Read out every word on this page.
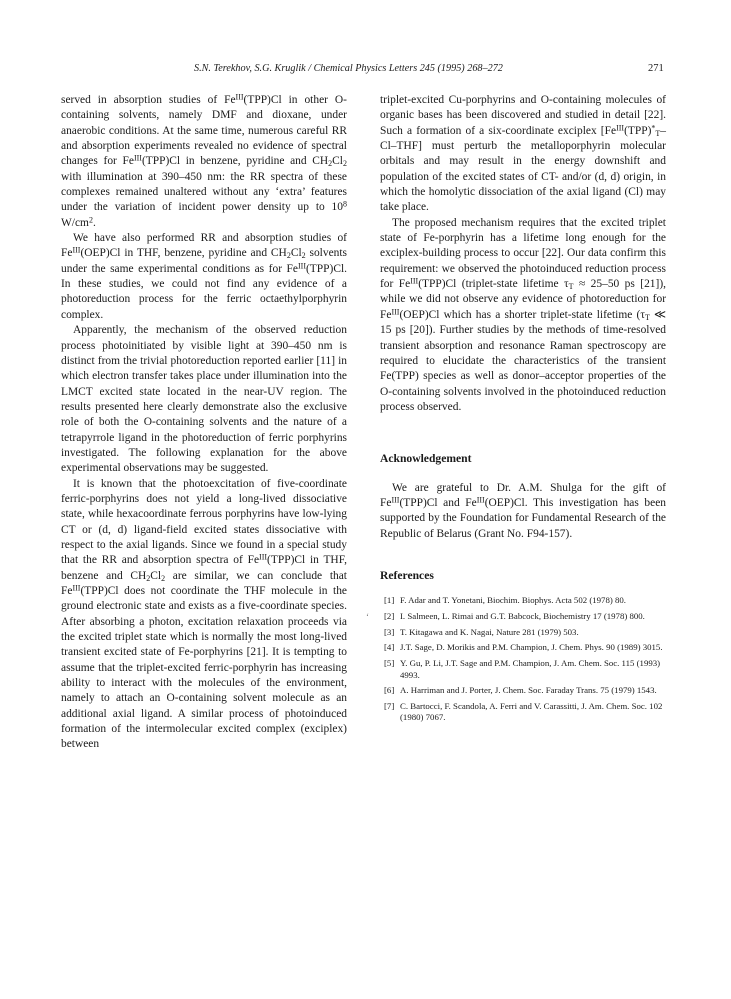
S.N. Terekhov, S.G. Kruglik / Chemical Physics Letters 245 (1995) 268–272	271

served in absorption studies of $Fe^{III}(TPP)Cl$ in other O-containing solvents, namely DMF and dioxane, under anaerobic conditions. At the same time, numerous careful RR and absorption experiments revealed no evidence of spectral changes for $Fe^{III}(TPP)Cl$ in benzene, pyridine and $CH_2Cl_2$ with illumination at 390–450 nm: the RR spectra of these complexes remained unaltered without any ‘extra’ features under the variation of incident power density up to $10^8$ $W/cm^2$.

We have also performed RR and absorption studies of $Fe^{III}(OEP)Cl$ in THF, benzene, pyridine and $CH_2Cl_2$ solvents under the same experimental conditions as for $Fe^{III}(TPP)Cl$. In these studies, we could not find any evidence of a photoreduction process for the ferric octaethylporphyrin complex.

Apparently, the mechanism of the observed reduction process photoinitiated by visible light at 390–450 nm is distinct from the trivial photoreduction reported earlier [11] in which electron transfer takes place under illumination into the LMCT excited state located in the near-UV region. The results presented here clearly demonstrate also the exclusive role of both the O-containing solvents and the nature of a tetrapyrrole ligand in the photoreduction of ferric porphyrins investigated. The following explanation for the above experimental observations may be suggested.

It is known that the photoexcitation of five-coordinate ferric-porphyrins does not yield a long-lived dissociative state, while hexacoordinate ferrous porphyrins have low-lying CT or (d, d) ligand-field excited states dissociative with respect to the axial ligands. Since we found in a special study that the RR and absorption spectra of $Fe^{III}(TPP)Cl$ in THF, benzene and $CH_2Cl_2$ are similar, we can conclude that $Fe^{III}(TPP)Cl$ does not coordinate the THF molecule in the ground electronic state and exists as a five-coordinate species. After absorbing a photon, excitation relaxation proceeds via the excited triplet state which is normally the most long-lived transient excited state of Fe-porphyrins [21]. It is tempting to assume that the triplet-excited ferric-porphyrin has increasing ability to interact with the molecules of the environment, namely to attach an O-containing solvent molecule as an additional axial ligand. A similar process of photoinduced formation of the intermolecular excited complex (exciplex) between

‘

triplet-excited Cu-porphyrins and O-containing molecules of organic bases has been discovered and studied in detail [22]. Such a formation of a six-coordinate exciplex $[Fe^{III}(TPP)^*_T-Cl-THF]$ must perturb the metalloporphyrin molecular orbitals and may result in the energy downshift and population of the excited states of CT- and/or (d, d) origin, in which the homolytic dissociation of the axial ligand (Cl) may take place.

The proposed mechanism requires that the excited triplet state of Fe-porphyrin has a lifetime long enough for the exciplex-building process to occur [22]. Our data confirm this requirement: we observed the photoinduced reduction process for $Fe^{III}(TPP)Cl$ (triplet-state lifetime $\tau_T \approx 25-50$ ps [21]), while we did not observe any evidence of photoreduction for $Fe^{III}(OEP)Cl$ which has a shorter triplet-state lifetime ($\tau_T$ ≪ 15 ps [20]). Further studies by the methods of time-resolved transient absorption and resonance Raman spectroscopy are required to elucidate the characteristics of the transient Fe(TPP) species as well as donor–acceptor properties of the O-containing solvents involved in the photoinduced reduction process observed.

Acknowledgement

We are grateful to Dr. A.M. Shulga for the gift of $Fe^{III}(TPP)Cl$ and $Fe^{III}(OEP)Cl$. This investigation has been supported by the Foundation for Fundamental Research of the Republic of Belarus (Grant No. F94-157).

References
[1] F. Adar and T. Yonetani, Biochim. Biophys. Acta 502 (1978) 80.
[2] I. Salmeen, L. Rimai and G.T. Babcock, Biochemistry 17 (1978) 800.
[3] T. Kitagawa and K. Nagai, Nature 281 (1979) 503.
[4] J.T. Sage, D. Morikis and P.M. Champion, J. Chem. Phys. 90 (1989) 3015.
[5] Y. Gu, P. Li, J.T. Sage and P.M. Champion, J. Am. Chem. Soc. 115 (1993) 4993.
[6] A. Harriman and J. Porter, J. Chem. Soc. Faraday Trans. 75 (1979) 1543.
[7] C. Bartocci, F. Scandola, A. Ferri and V. Carassitti, J. Am. Chem. Soc. 102 (1980) 7067.
